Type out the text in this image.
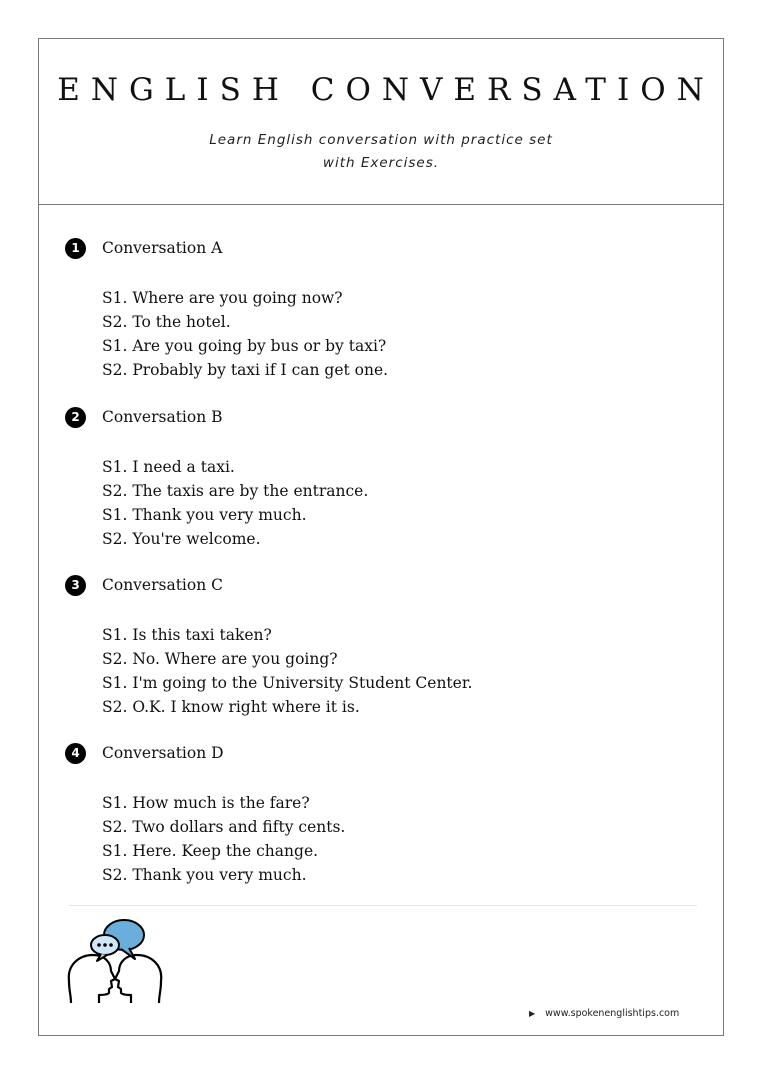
ENGLISH CONVERSATION
Learn English conversation with practice set
with Exercises.
1	Conversation A
S1. Where are you going now?
S2. To the hotel.
S1. Are you going by bus or by taxi?
S2. Probably by taxi if I can get one.
2	Conversation B
S1. I need a taxi.
S2. The taxis are by the entrance.
S1. Thank you very much.
S2. You're welcome.
3	Conversation C
S1. Is this taxi taken?
S2. No. Where are you going?
S1. I'm going to the University Student Center.
S2. O.K. I know right where it is.
4	Conversation D
S1. How much is the fare?
S2. Two dollars and fifty cents.
S1. Here. Keep the change.
S2. Thank you very much.
▶ www.spokenenglishtips.com
